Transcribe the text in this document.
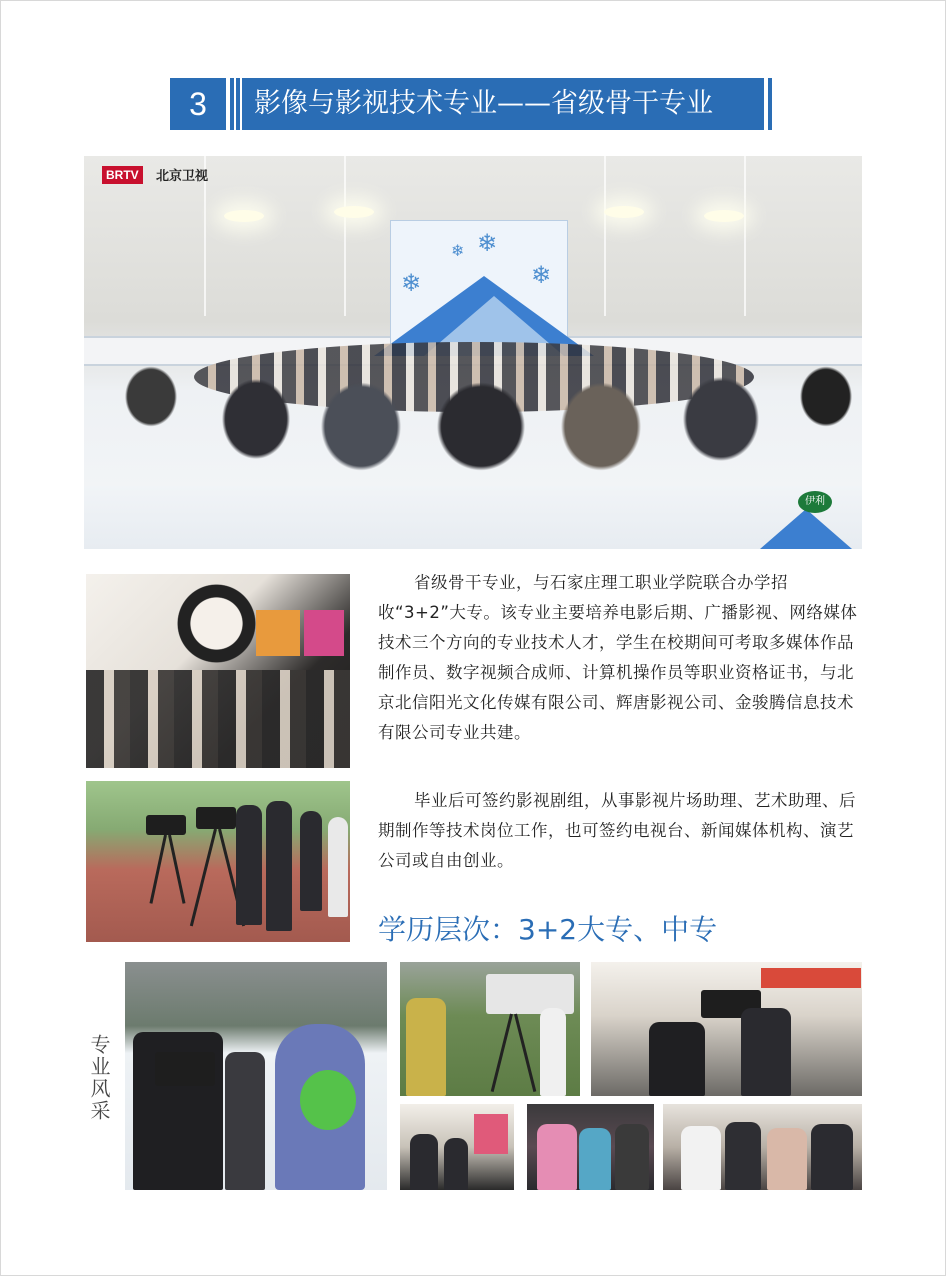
3	影像与影视技术专业——省级骨干专业
❄
❄	❄
❄
BRTV	北京卫视
伊利
省级骨干专业，与石家庄理工职业学院联合办学招收“3+2”大专。该专业主要培养电影后期、广播影视、网络媒体技术三个方向的专业技术人才，学生在校期间可考取多媒体作品制作员、数字视频合成师、计算机操作员等职业资格证书，与北京北信阳光文化传媒有限公司、辉唐影视公司、金骏腾信息技术有限公司专业共建。
毕业后可签约影视剧组，从事影视片场助理、艺术助理、后期制作等技术岗位工作，也可签约电视台、新闻媒体机构、演艺公司或自由创业。
学历层次：3+2大专、中专
专业风采
